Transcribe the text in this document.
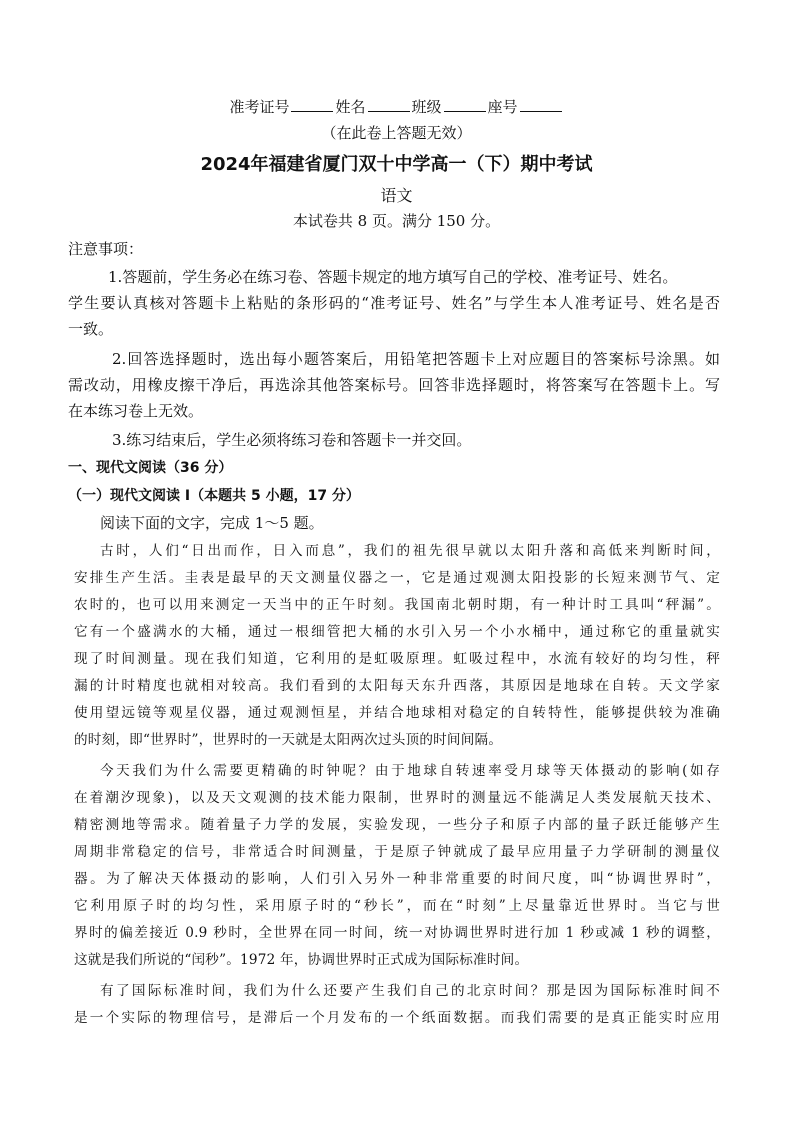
准考证号	姓名	班级	座号
（在此卷上答题无效）
2024年福建省厦门双十中学高一（下）期中考试
语文
本试卷共 8 页。满分 150 分。
注意事项：
1.答题前，学生务必在练习卷、答题卡规定的地方填写自己的学校、准考证号、姓名。
学生要认真核对答题卡上粘贴的条形码的“准考证号、姓名”与学生本人准考证号、姓名是否
一致。
2.回答选择题时，选出每小题答案后，用铅笔把答题卡上对应题目的答案标号涂黑。如
需改动，用橡皮擦干净后，再选涂其他答案标号。回答非选择题时，将答案写在答题卡上。写
在本练习卷上无效。
3.练习结束后，学生必须将练习卷和答题卡一并交回。
一、现代文阅读（36 分）
（一）现代文阅读 I（本题共 5 小题，17 分）
阅读下面的文字，完成 1～5 题。
古时，人们“日出而作，日入而息”，我们的祖先很早就以太阳升落和高低来判断时间，
安排生产生活。圭表是最早的天文测量仪器之一，它是通过观测太阳投影的长短来测节气、定
农时的，也可以用来测定一天当中的正午时刻。我国南北朝时期，有一种计时工具叫“秤漏”。
它有一个盛满水的大桶，通过一根细管把大桶的水引入另一个小水桶中，通过称它的重量就实
现了时间测量。现在我们知道，它利用的是虹吸原理。虹吸过程中，水流有较好的均匀性，秤
漏的计时精度也就相对较高。我们看到的太阳每天东升西落，其原因是地球在自转。天文学家
使用望远镜等观星仪器，通过观测恒星，并结合地球相对稳定的自转特性，能够提供较为准确
的时刻，即“世界时”，世界时的一天就是太阳两次过头顶的时间间隔。
今天我们为什么需要更精确的时钟呢？由于地球自转速率受月球等天体摄动的影响(如存
在着潮汐现象)，以及天文观测的技术能力限制，世界时的测量远不能满足人类发展航天技术、
精密测地等需求。随着量子力学的发展，实验发现，一些分子和原子内部的量子跃迁能够产生
周期非常稳定的信号，非常适合时间测量，于是原子钟就成了最早应用量子力学研制的测量仪
器。为了解决天体摄动的影响，人们引入另外一种非常重要的时间尺度，叫“协调世界时”，
它利用原子时的均匀性，采用原子时的“秒长”，而在“时刻”上尽量靠近世界时。当它与世
界时的偏差接近 0.9 秒时，全世界在同一时间，统一对协调世界时进行加 1 秒或减 1 秒的调整，
这就是我们所说的“闰秒”。1972 年，协调世界时正式成为国际标准时间。
有了国际标准时间，我们为什么还要产生我们自己的北京时间？那是因为国际标准时间不
是一个实际的物理信号，是滞后一个月发布的一个纸面数据。而我们需要的是真正能实时应用
